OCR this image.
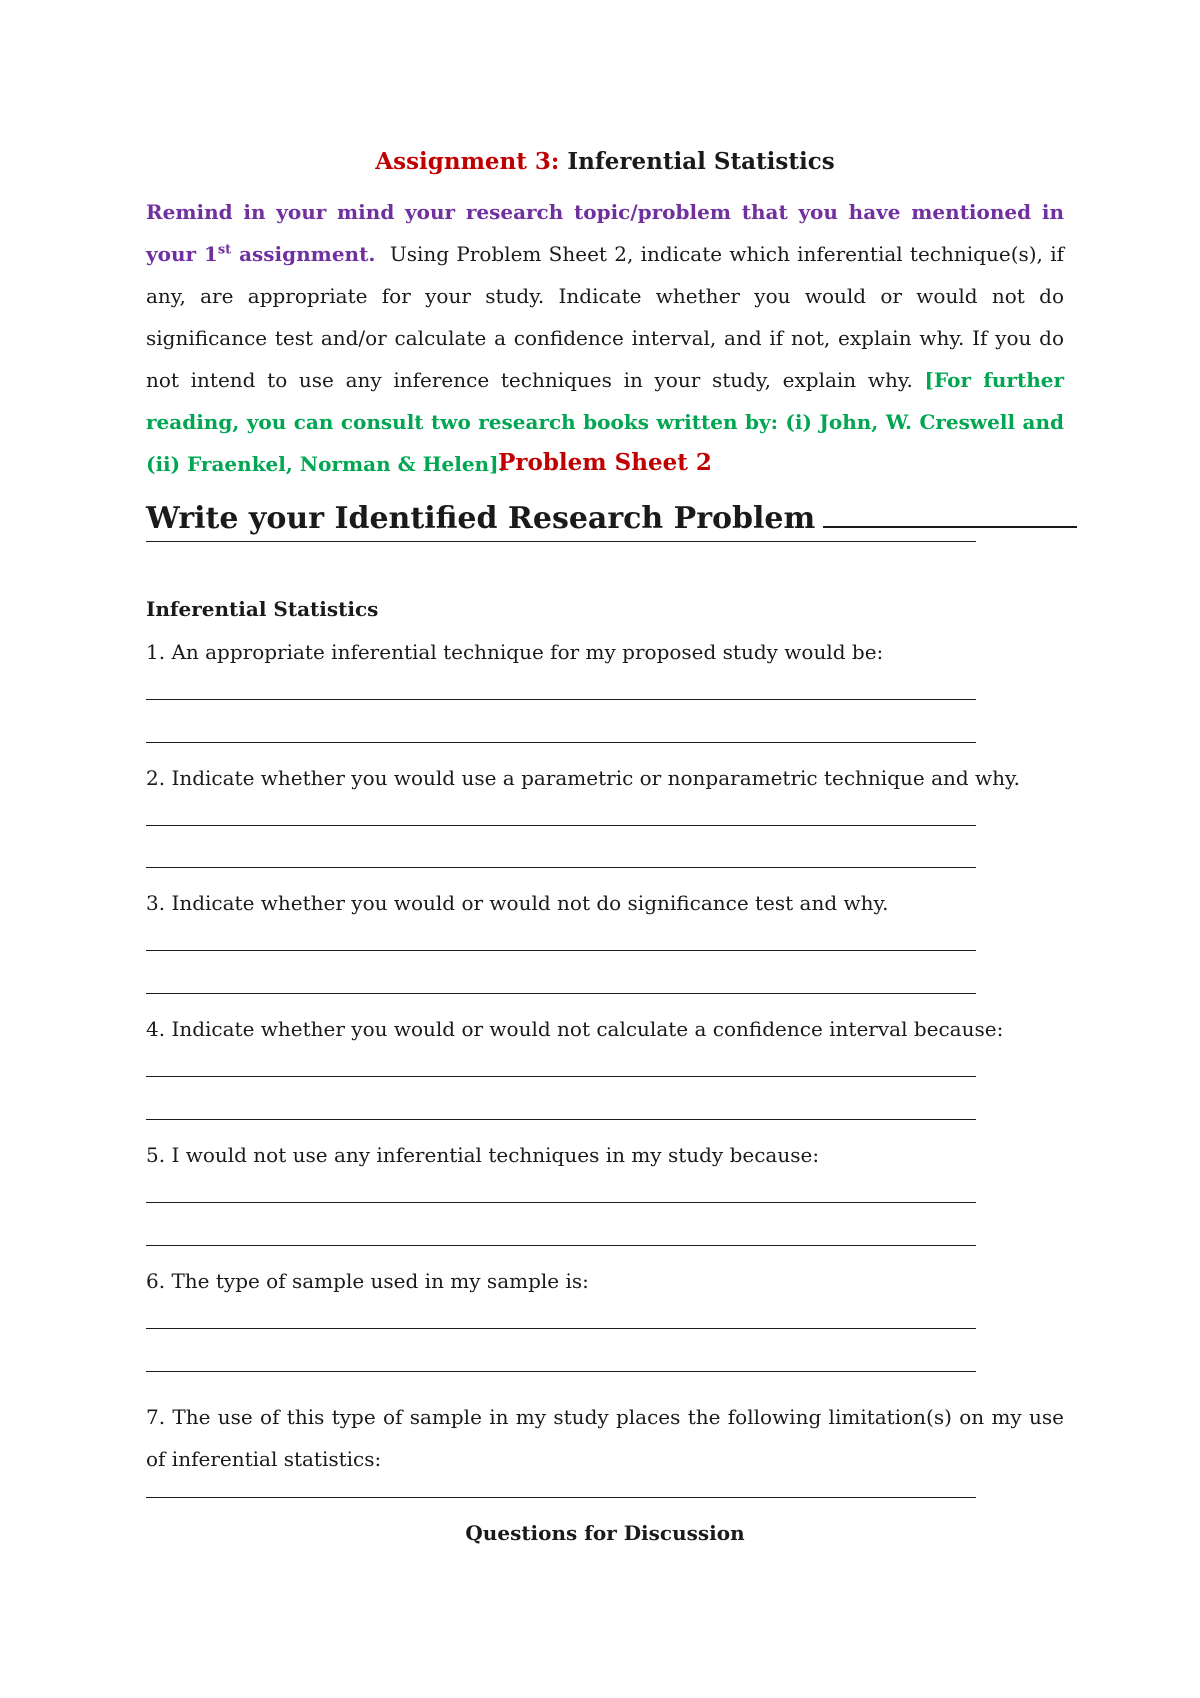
Assignment 3: Inferential Statistics
Remind in your mind your research topic/problem that you have mentioned in your 1st assignment. Using Problem Sheet 2, indicate which inferential technique(s), if any, are appropriate for your study. Indicate whether you would or would not do significance test and/or calculate a confidence interval, and if not, explain why. If you do not intend to use any inference techniques in your study, explain why. [For further reading, you can consult two research books written by: (i) John, W. Creswell and (ii) Fraenkel, Norman & Helen].
Problem Sheet 2
Write your Identified Research Problem
Inferential Statistics
1. An appropriate inferential technique for my proposed study would be:
2. Indicate whether you would use a parametric or nonparametric technique and why.
3. Indicate whether you would or would not do significance test and why.
4. Indicate whether you would or would not calculate a confidence interval because:
5. I would not use any inferential techniques in my study because:
6. The type of sample used in my sample is:
7. The use of this type of sample in my study places the following limitation(s) on my use of inferential statistics:
Questions for Discussion
